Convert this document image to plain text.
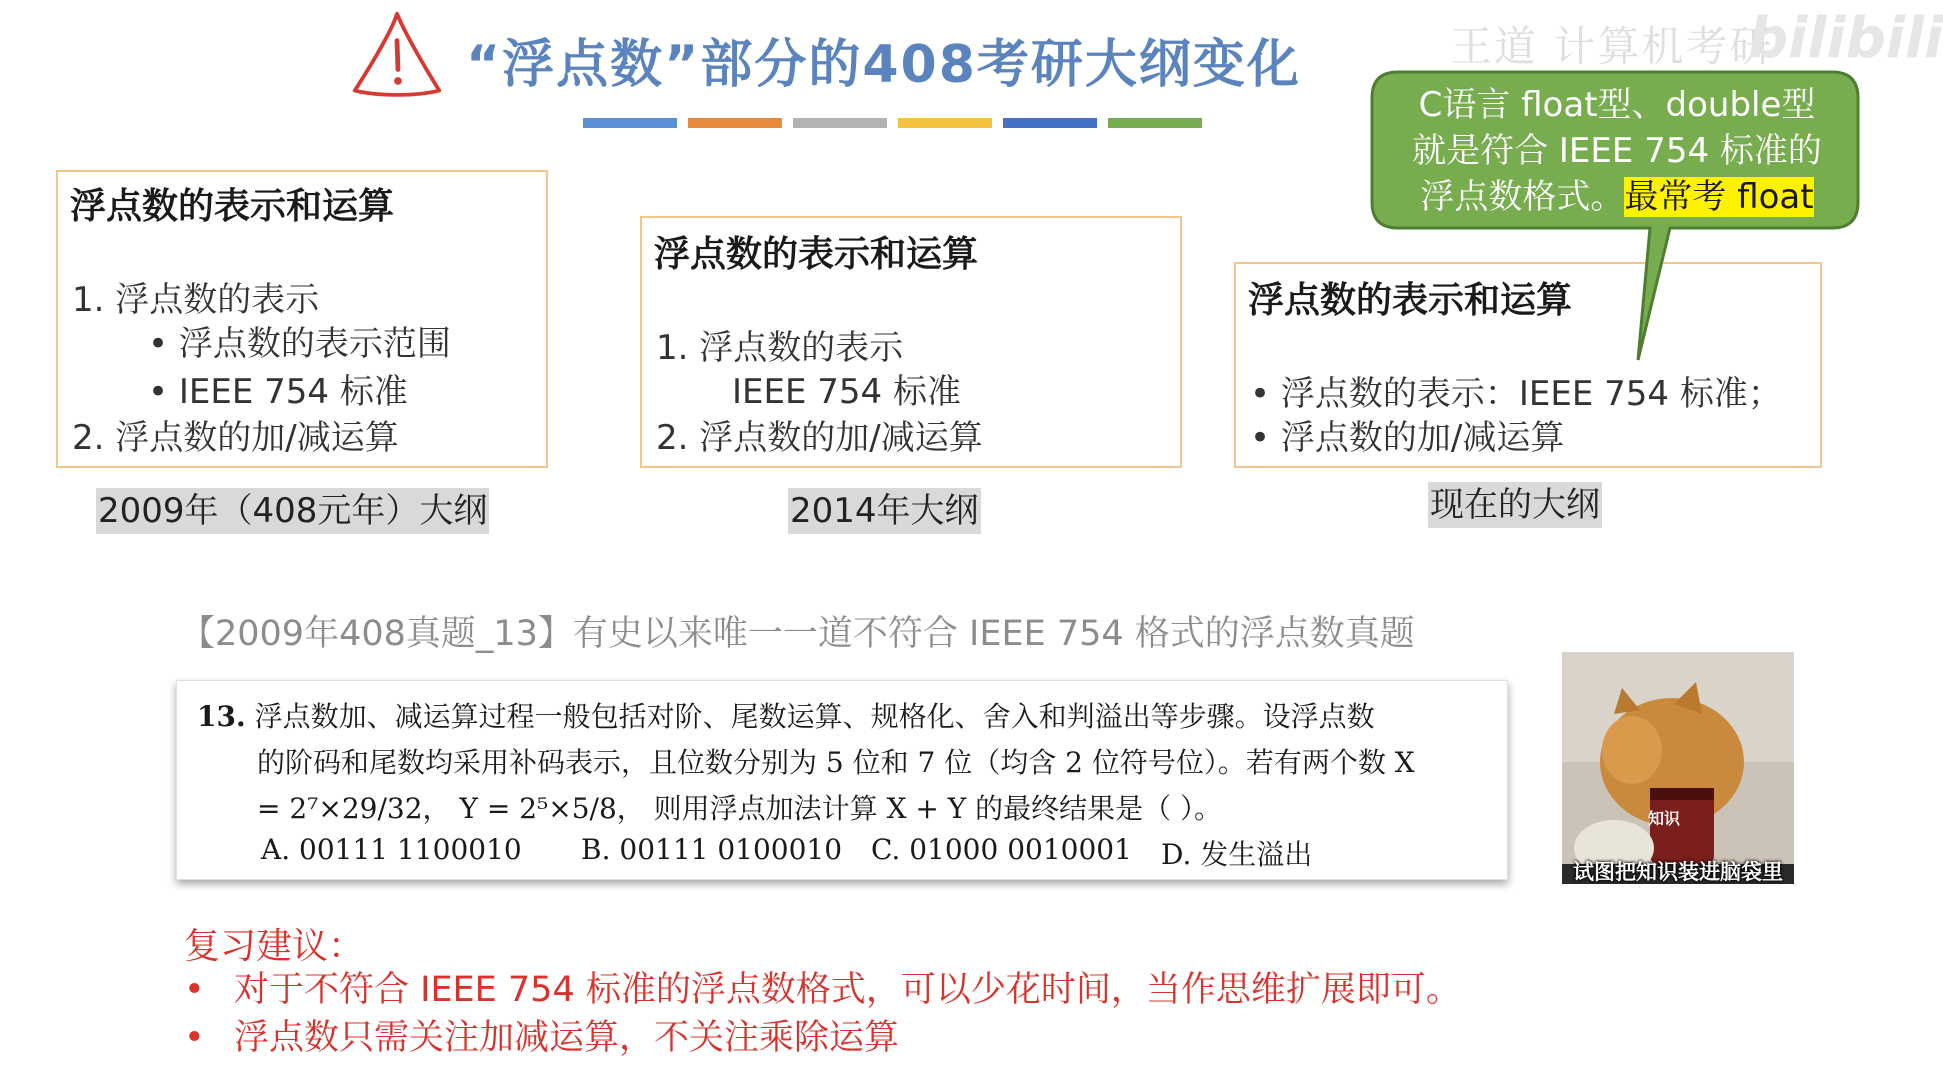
“浮点数”部分的408考研大纲变化	王道 计算机考研
bilibili
浮点数的表示和运算
1. 浮点数的表示
• 浮点数的表示范围
• IEEE 754 标准
2. 浮点数的加/减运算
2009年（408元年）大纲
浮点数的表示和运算
1. 浮点数的表示
IEEE 754 标准
2. 浮点数的加/减运算
2014年大纲
浮点数的表示和运算
• 浮点数的表示：IEEE 754 标准；
• 浮点数的加/减运算
现在的大纲
C语言 float型、double型
就是符合 IEEE 754 标准的
浮点数格式。最常考 float
【2009年408真题_13】有史以来唯一一道不符合 IEEE 754 格式的浮点数真题
13. 浮点数加、减运算过程一般包括对阶、尾数运算、规格化、舍入和判溢出等步骤。设浮点数
的阶码和尾数均采用补码表示，且位数分别为 5 位和 7 位（均含 2 位符号位）。若有两个数 X
= 2⁷×29/32， Y = 2⁵×5/8， 则用浮点加法计算 X + Y 的最终结果是（ ）。
A. 00111 1100010 B. 00111 0100010 C. 01000 0010001 D. 发生溢出
知识
试图把知识装进脑袋里
复习建议：
• 对于不符合 IEEE 754 标准的浮点数格式，可以少花时间，当作思维扩展即可。
• 浮点数只需关注加减运算，不关注乘除运算
